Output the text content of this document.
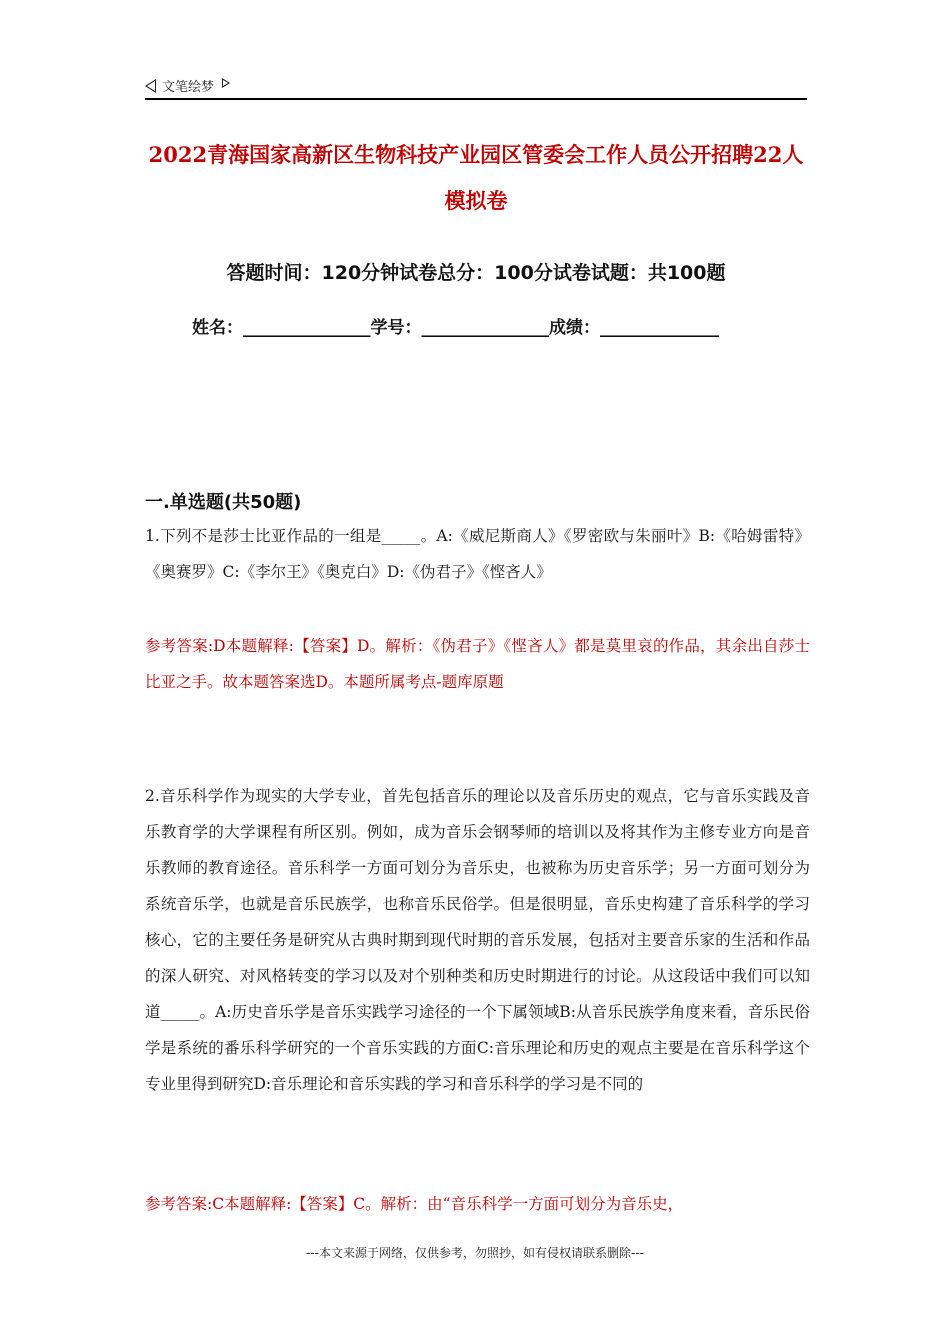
文笔绘梦
2022青海国家高新区生物科技产业园区管委会工作人员公开招聘22人模拟卷
答题时间：120分钟试卷总分：100分试卷试题：共100题
姓名：_______________学号：_______________成绩：______________
一.单选题(共50题)

1.下列不是莎士比亚作品的一组是_____。A:《威尼斯商人》《罗密欧与朱丽叶》B:《哈姆雷特》《奥赛罗》C:《李尔王》《奥克白》D:《伪君子》《悭吝人》

参考答案:D本题解释:【答案】D。解析：《伪君子》《悭吝人》都是莫里哀的作品，其余出自莎士比亚之手。故本题答案选D。本题所属考点-题库原题

2.音乐科学作为现实的大学专业，首先包括音乐的理论以及音乐历史的观点，它与音乐实践及音乐教育学的大学课程有所区别。例如，成为音乐会钢琴师的培训以及将其作为主修专业方向是音乐教师的教育途径。音乐科学一方面可划分为音乐史，也被称为历史音乐学；另一方面可划分为系统音乐学，也就是音乐民族学，也称音乐民俗学。但是很明显，音乐史构建了音乐科学的学习核心，它的主要任务是研究从古典时期到现代时期的音乐发展，包括对主要音乐家的生活和作品的深人研究、对风格转变的学习以及对个别种类和历史时期进行的讨论。从这段话中我们可以知道_____。A:历史音乐学是音乐实践学习途径的一个下属领域B:从音乐民族学角度来看，音乐民俗学是系统的番乐科学研究的一个音乐实践的方面C:音乐理论和历史的观点主要是在音乐科学这个专业里得到研究D:音乐理论和音乐实践的学习和音乐科学的学习是不同的

参考答案:C本题解释:【答案】C。解析：由“音乐科学一方面可划分为音乐史，

---本文来源于网络，仅供参考，勿照抄，如有侵权请联系删除---
